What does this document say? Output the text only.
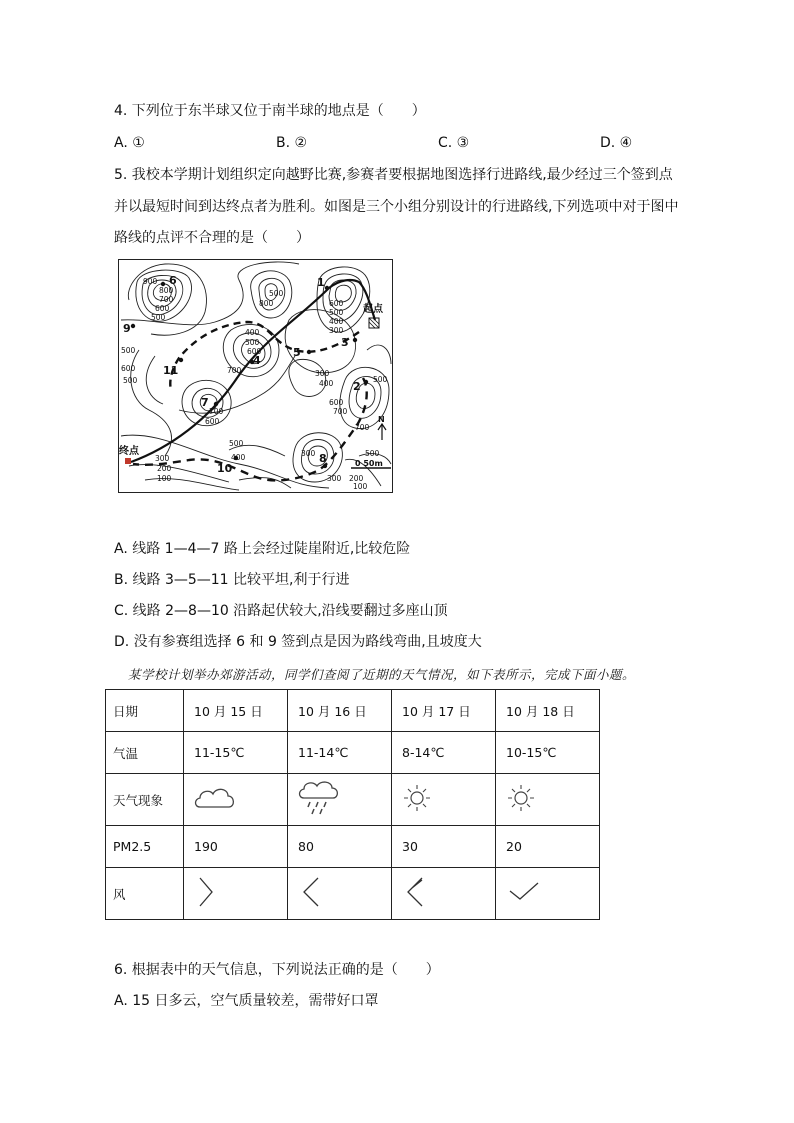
4. 下列位于东半球又位于南半球的地点是（　　）
A. ①	B. ②	C. ③	D. ④
5. 我校本学期计划组织定向越野比赛,参赛者要根据地图选择行进路线,最少经过三个签到点
并以最短时间到达终点者为胜利。如图是三个小组分别设计的行进路线,下列选项中对于图中
路线的点评不合理的是（　　）
1
2
3
4
5
6
7
8
9
10
11
起点
终点
N
0 50m
900
800
700
600
500
600
500
400
300
500
400
500
600
700
500
600
500
300
400
600
700
800
700
600
700
500
400
300
200
100
500
300
300 200
100
500
A. 线路 1—4—7 路上会经过陡崖附近,比较危险
B. 线路 3—5—11 比较平坦,利于行进
C. 线路 2—8—10 沿路起伏较大,沿线要翻过多座山顶
D. 没有参赛组选择 6 和 9 签到点是因为路线弯曲,且坡度大
某学校计划举办郊游活动，同学们查阅了近期的天气情况，如下表所示，完成下面小题。
日期	10 月 15 日	10 月 16 日	10 月 17 日	10 月 18 日
气温	11-15℃	11-14℃	8-14℃	10-15℃
天气现象				
PM2.5	190	80	30	20
风				
6. 根据表中的天气信息，下列说法正确的是（　　）
A. 15 日多云，空气质量较差，需带好口罩
